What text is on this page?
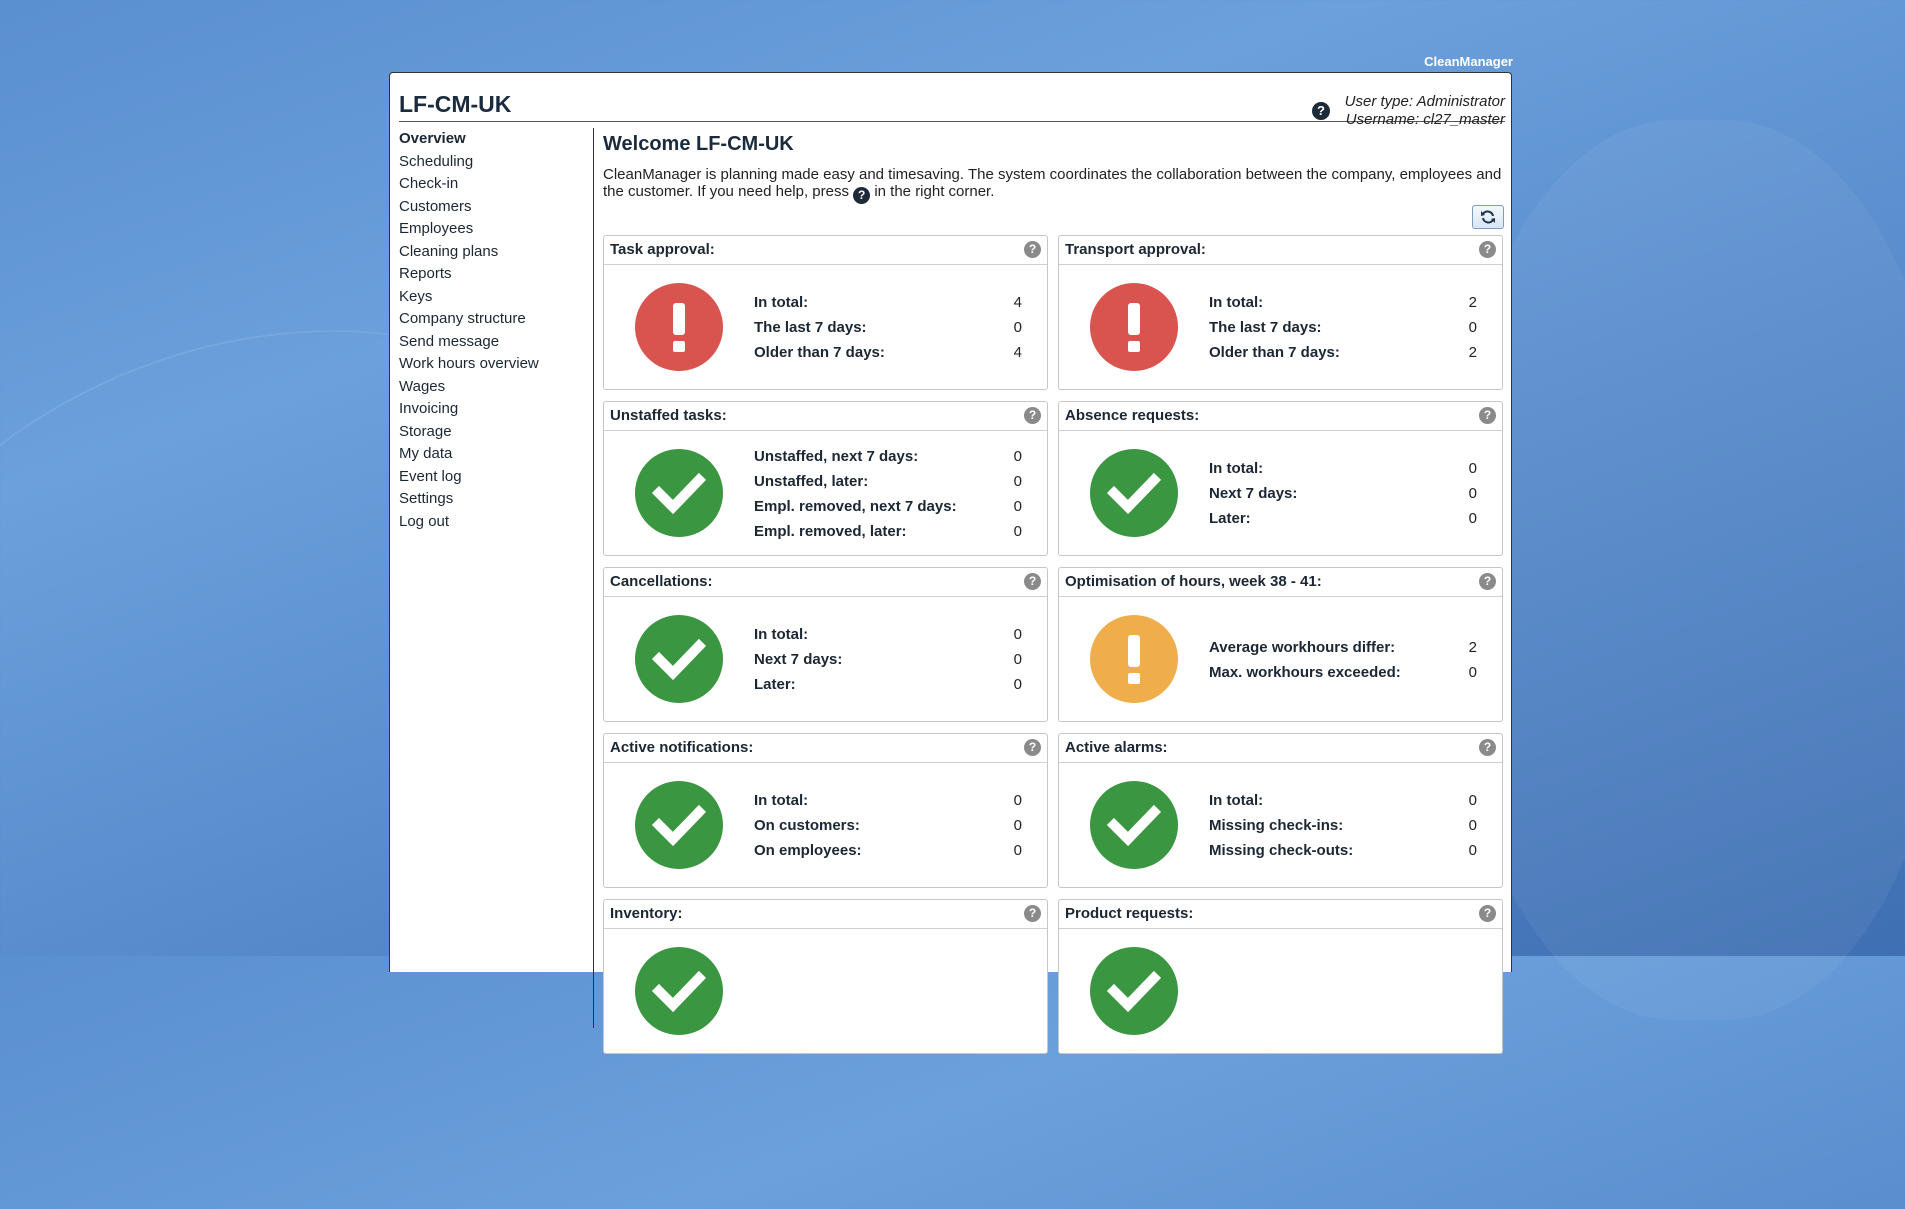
CleanManager
LF-CM-UK	?
User type: Administrator
Username: cl27_master
Overview
Scheduling
Check-in
Customers
Employees
Cleaning plans
Reports
Keys
Company structure
Send message
Work hours overview
Wages
Invoicing
Storage
My data
Event log
Settings
Log out
Welcome LF-CM-UK
CleanManager is planning made easy and timesaving. The system coordinates the collaboration between the company, employees and the customer. If you need help, press ? in the right corner.
Task approval:	?
In total:	4
The last 7 days:	0
Older than 7 days:	4
Transport approval:	?
In total:	2
The last 7 days:	0
Older than 7 days:	2
Unstaffed tasks:	?
Unstaffed, next 7 days:	0
Unstaffed, later:	0
Empl. removed, next 7 days:	0
Empl. removed, later:	0
Absence requests:	?
In total:	0
Next 7 days:	0
Later:	0
Cancellations:	?
In total:	0
Next 7 days:	0
Later:	0
Optimisation of hours, week 38 - 41:	?
Average workhours differ:	2
Max. workhours exceeded:	0
Active notifications:	?
In total:	0
On customers:	0
On employees:	0
Active alarms:	?
In total:	0
Missing check-ins:	0
Missing check-outs:	0
Inventory:	?	Product requests:	?
